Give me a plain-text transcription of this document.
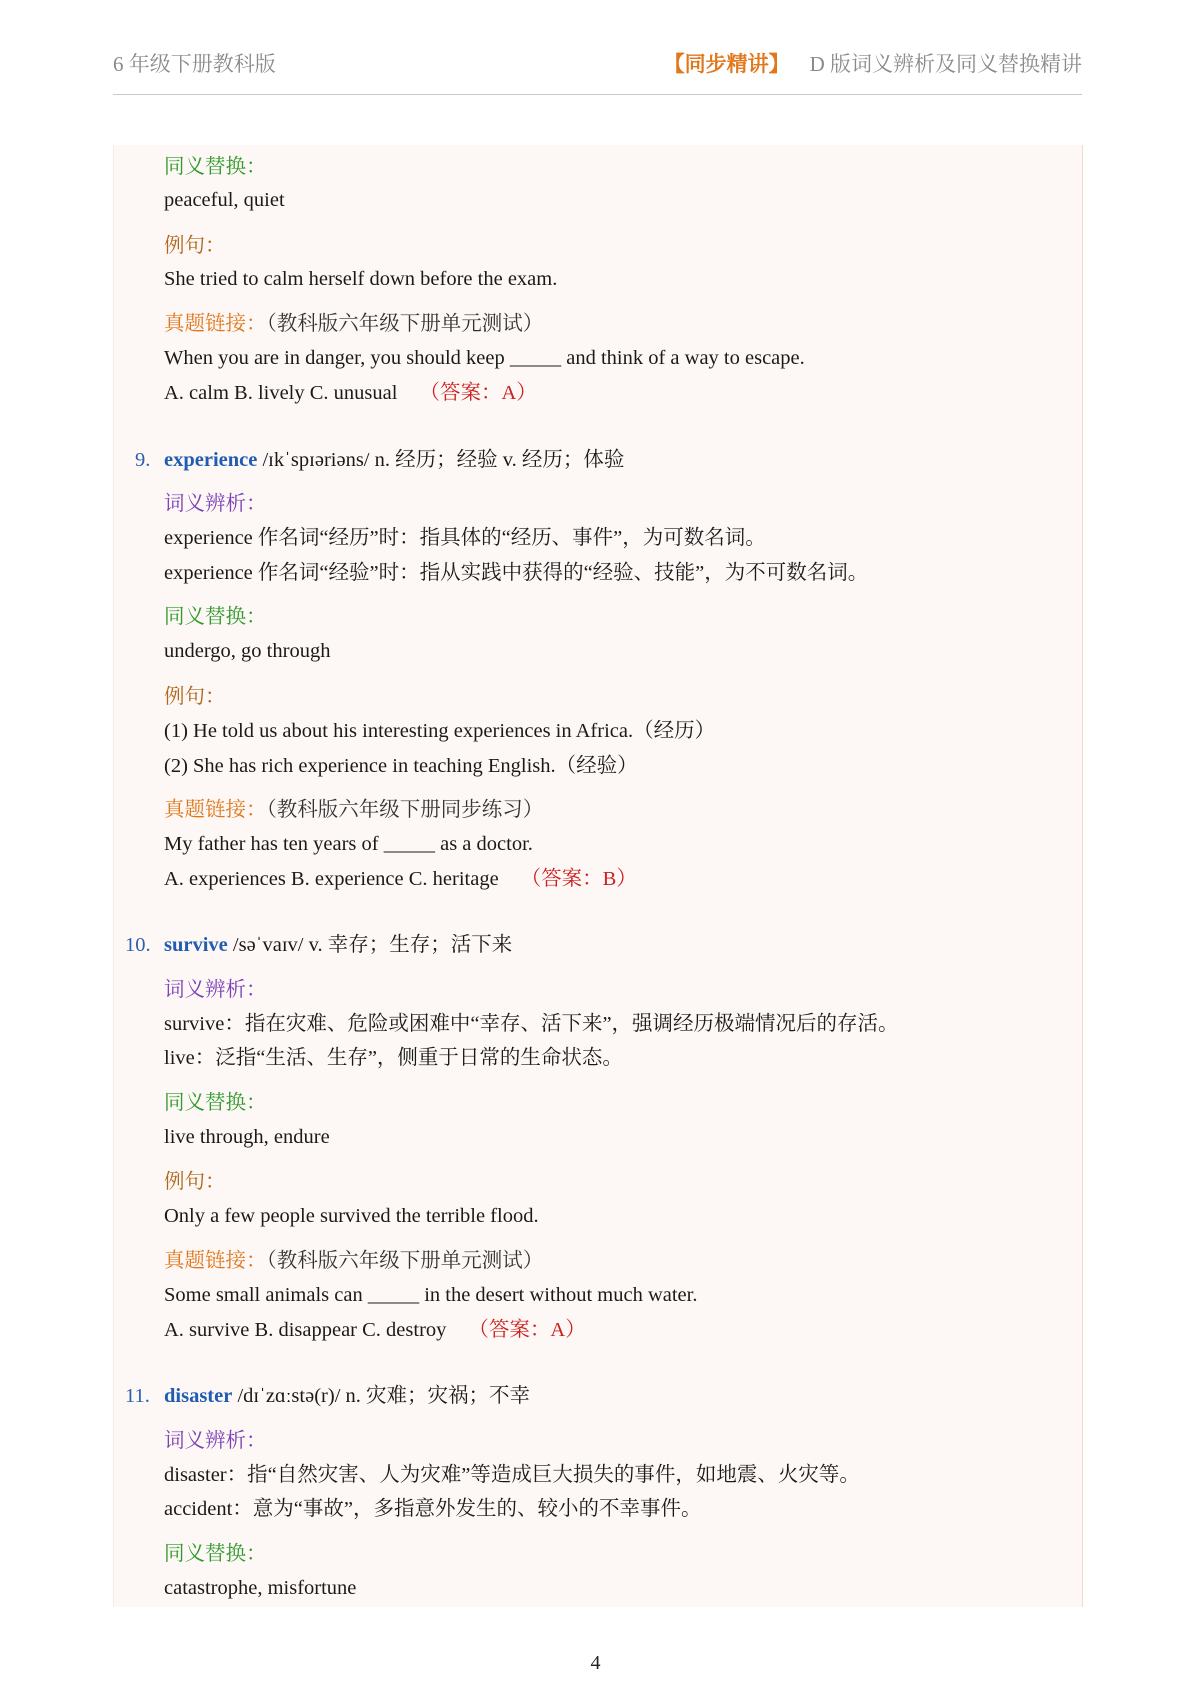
6 年级下册教科版	【同步精讲】 D 版词义辨析及同义替换精讲
同义替换：
peaceful, quiet
例句：
She tried to calm herself down before the exam.
真题链接：（教科版六年级下册单元测试）
When you are in danger, you should keep _____ and think of a way to escape.
A. calm B. lively C. unusual （答案：A）
9. experience /ɪkˈspɪəriəns/ n. 经历；经验 v. 经历；体验
词义辨析：
experience 作名词“经历”时：指具体的“经历、事件”，为可数名词。
experience 作名词“经验”时：指从实践中获得的“经验、技能”，为不可数名词。
同义替换：
undergo, go through
例句：
(1) He told us about his interesting experiences in Africa.（经历）
(2) She has rich experience in teaching English.（经验）
真题链接：（教科版六年级下册同步练习）
My father has ten years of _____ as a doctor.
A. experiences B. experience C. heritage （答案：B）
10. survive /səˈvaɪv/ v. 幸存；生存；活下来
词义辨析：
survive：指在灾难、危险或困难中“幸存、活下来”，强调经历极端情况后的存活。
live：泛指“生活、生存”，侧重于日常的生命状态。
同义替换：
live through, endure
例句：
Only a few people survived the terrible flood.
真题链接：（教科版六年级下册单元测试）
Some small animals can _____ in the desert without much water.
A. survive B. disappear C. destroy （答案：A）
11. disaster /dɪˈzɑːstə(r)/ n. 灾难；灾祸；不幸
词义辨析：
disaster：指“自然灾害、人为灾难”等造成巨大损失的事件，如地震、火灾等。
accident：意为“事故”，多指意外发生的、较小的不幸事件。
同义替换：
catastrophe, misfortune
4
